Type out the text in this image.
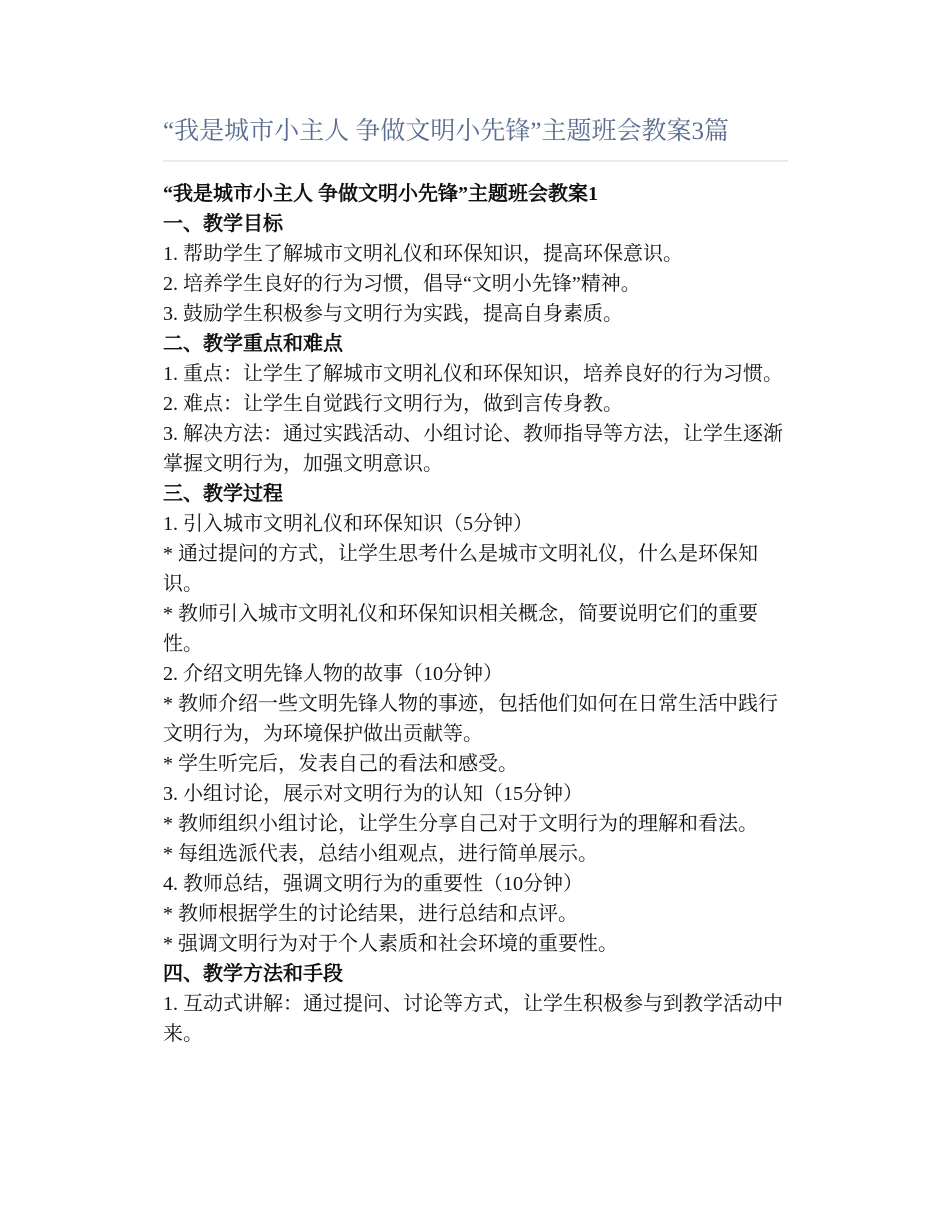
“我是城市小主人 争做文明小先锋”主题班会教案3篇

“我是城市小主人 争做文明小先锋”主题班会教案1

一、教学目标

1. 帮助学生了解城市文明礼仪和环保知识，提高环保意识。

2. 培养学生良好的行为习惯，倡导“文明小先锋”精神。

3. 鼓励学生积极参与文明行为实践，提高自身素质。

二、教学重点和难点

1. 重点：让学生了解城市文明礼仪和环保知识，培养良好的行为习惯。

2. 难点：让学生自觉践行文明行为，做到言传身教。

3. 解决方法：通过实践活动、小组讨论、教师指导等方法，让学生逐渐掌握文明行为，加强文明意识。

三、教学过程

1. 引入城市文明礼仪和环保知识（5分钟）

* 通过提问的方式，让学生思考什么是城市文明礼仪，什么是环保知识。

* 教师引入城市文明礼仪和环保知识相关概念，简要说明它们的重要性。

2. 介绍文明先锋人物的故事（10分钟）

* 教师介绍一些文明先锋人物的事迹，包括他们如何在日常生活中践行文明行为，为环境保护做出贡献等。

* 学生听完后，发表自己的看法和感受。

3. 小组讨论，展示对文明行为的认知（15分钟）

* 教师组织小组讨论，让学生分享自己对于文明行为的理解和看法。

* 每组选派代表，总结小组观点，进行简单展示。

4. 教师总结，强调文明行为的重要性（10分钟）

* 教师根据学生的讨论结果，进行总结和点评。

* 强调文明行为对于个人素质和社会环境的重要性。

四、教学方法和手段

1. 互动式讲解：通过提问、讨论等方式，让学生积极参与到教学活动中来。
